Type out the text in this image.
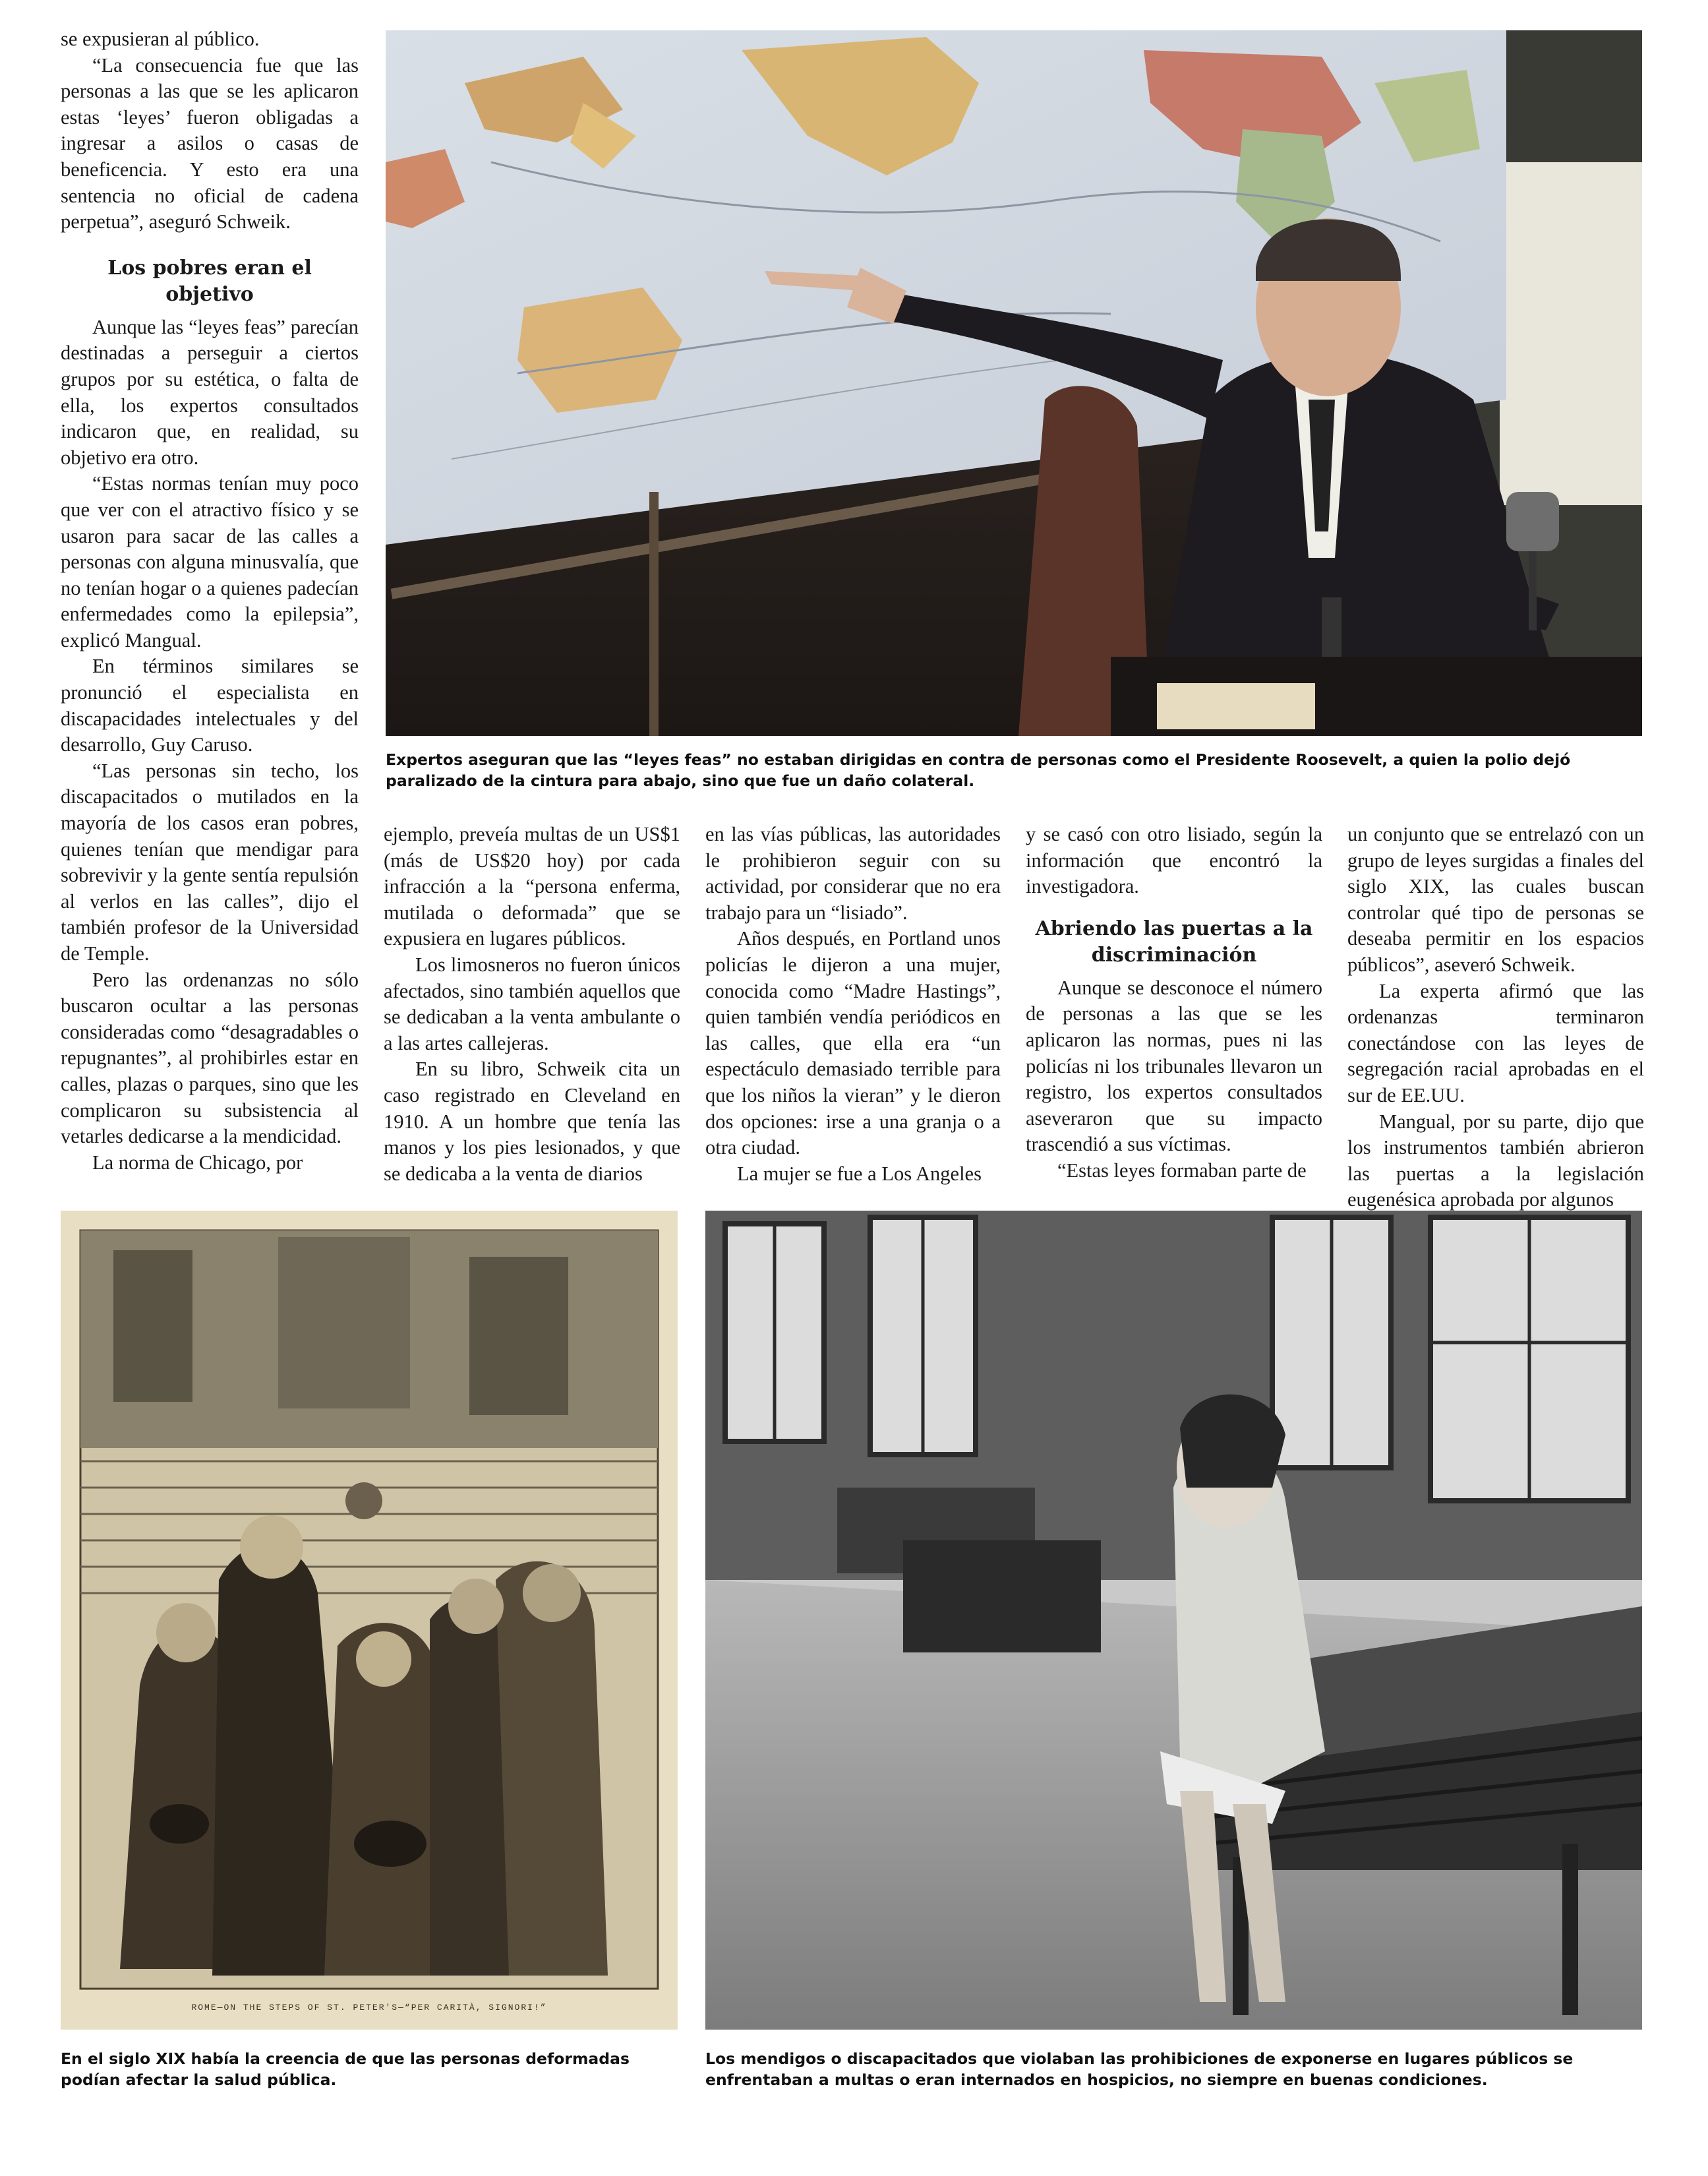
se expusieran al público.

“La consecuencia fue que las personas a las que se les aplicaron estas ‘leyes’ fueron obligadas a ingresar a asilos o casas de beneficencia. Y esto era una sentencia no oficial de cadena perpetua”, aseguró Schweik.

Los pobres eran el objetivo

Aunque las “leyes feas” parecían destinadas a perseguir a ciertos grupos por su estética, o falta de ella, los expertos consultados indicaron que, en realidad, su objetivo era otro.

“Estas normas tenían muy poco que ver con el atractivo físico y se usaron para sacar de las calles a personas con alguna minusvalía, que no tenían hogar o a quienes padecían enfermedades como la epilepsia”, explicó Mangual.

En términos similares se pronunció el especialista en discapacidades intelectuales y del desarrollo, Guy Caruso.

“Las personas sin techo, los discapacitados o mutilados en la mayoría de los casos eran pobres, quienes tenían que mendigar para sobrevivir y la gente sentía repulsión al verlos en las calles”, dijo el también profesor de la Universidad de Temple.

Pero las ordenanzas no sólo buscaron ocultar a las personas consideradas como “desagradables o repugnantes”, al prohibirles estar en calles, plazas o parques, sino que les complicaron su subsistencia al vetarles dedicarse a la mendicidad.

La norma de Chicago, por

Expertos aseguran que las “leyes feas” no estaban dirigidas en contra de personas como el Presidente Roosevelt, a quien la polio dejó paralizado de la cintura para abajo, sino que fue un daño colateral.

ejemplo, preveía multas de un US$1 (más de US$20 hoy) por cada infracción a la “persona enferma, mutilada o deformada” que se expusiera en lugares públicos.

Los limosneros no fueron únicos afectados, sino también aquellos que se dedicaban a la venta ambulante o a las artes callejeras.

En su libro, Schweik cita un caso registrado en Cleveland en 1910. A un hombre que tenía las manos y los pies lesionados, y que se dedicaba a la venta de diarios

en las vías públicas, las autoridades le prohibieron seguir con su actividad, por considerar que no era trabajo para un “lisiado”.

Años después, en Portland unos policías le dijeron a una mujer, conocida como “Madre Hastings”, quien también vendía periódicos en las calles, que ella era “un espectáculo demasiado terrible para que los niños la vieran” y le dieron dos opciones: irse a una granja o a otra ciudad.

La mujer se fue a Los Angeles

y se casó con otro lisiado, según la información que encontró la investigadora.

Abriendo las puertas a la discriminación

Aunque se desconoce el número de personas a las que se les aplicaron las normas, pues ni las policías ni los tribunales llevaron un registro, los expertos consultados aseveraron que su impacto trascendió a sus víctimas.

“Estas leyes formaban parte de

un conjunto que se entrelazó con un grupo de leyes surgidas a finales del siglo XIX, las cuales buscan controlar qué tipo de personas se deseaba permitir en los espacios públicos”, aseveró Schweik.

La experta afirmó que las ordenanzas terminaron conectándose con las leyes de segregación racial aprobadas en el sur de EE.UU.

Mangual, por su parte, dijo que los instrumentos también abrieron las puertas a la legislación eugenésica aprobada por algunos

ROME—ON THE STEPS OF ST. PETER'S—“PER CARITÀ, SIGNORI!”
En el siglo XIX había la creencia de que las personas deformadas podían afectar la salud pública.
Los mendigos o discapacitados que violaban las prohibiciones de exponerse en lugares públicos se enfrentaban a multas o eran internados en hospicios, no siempre en buenas condiciones.
